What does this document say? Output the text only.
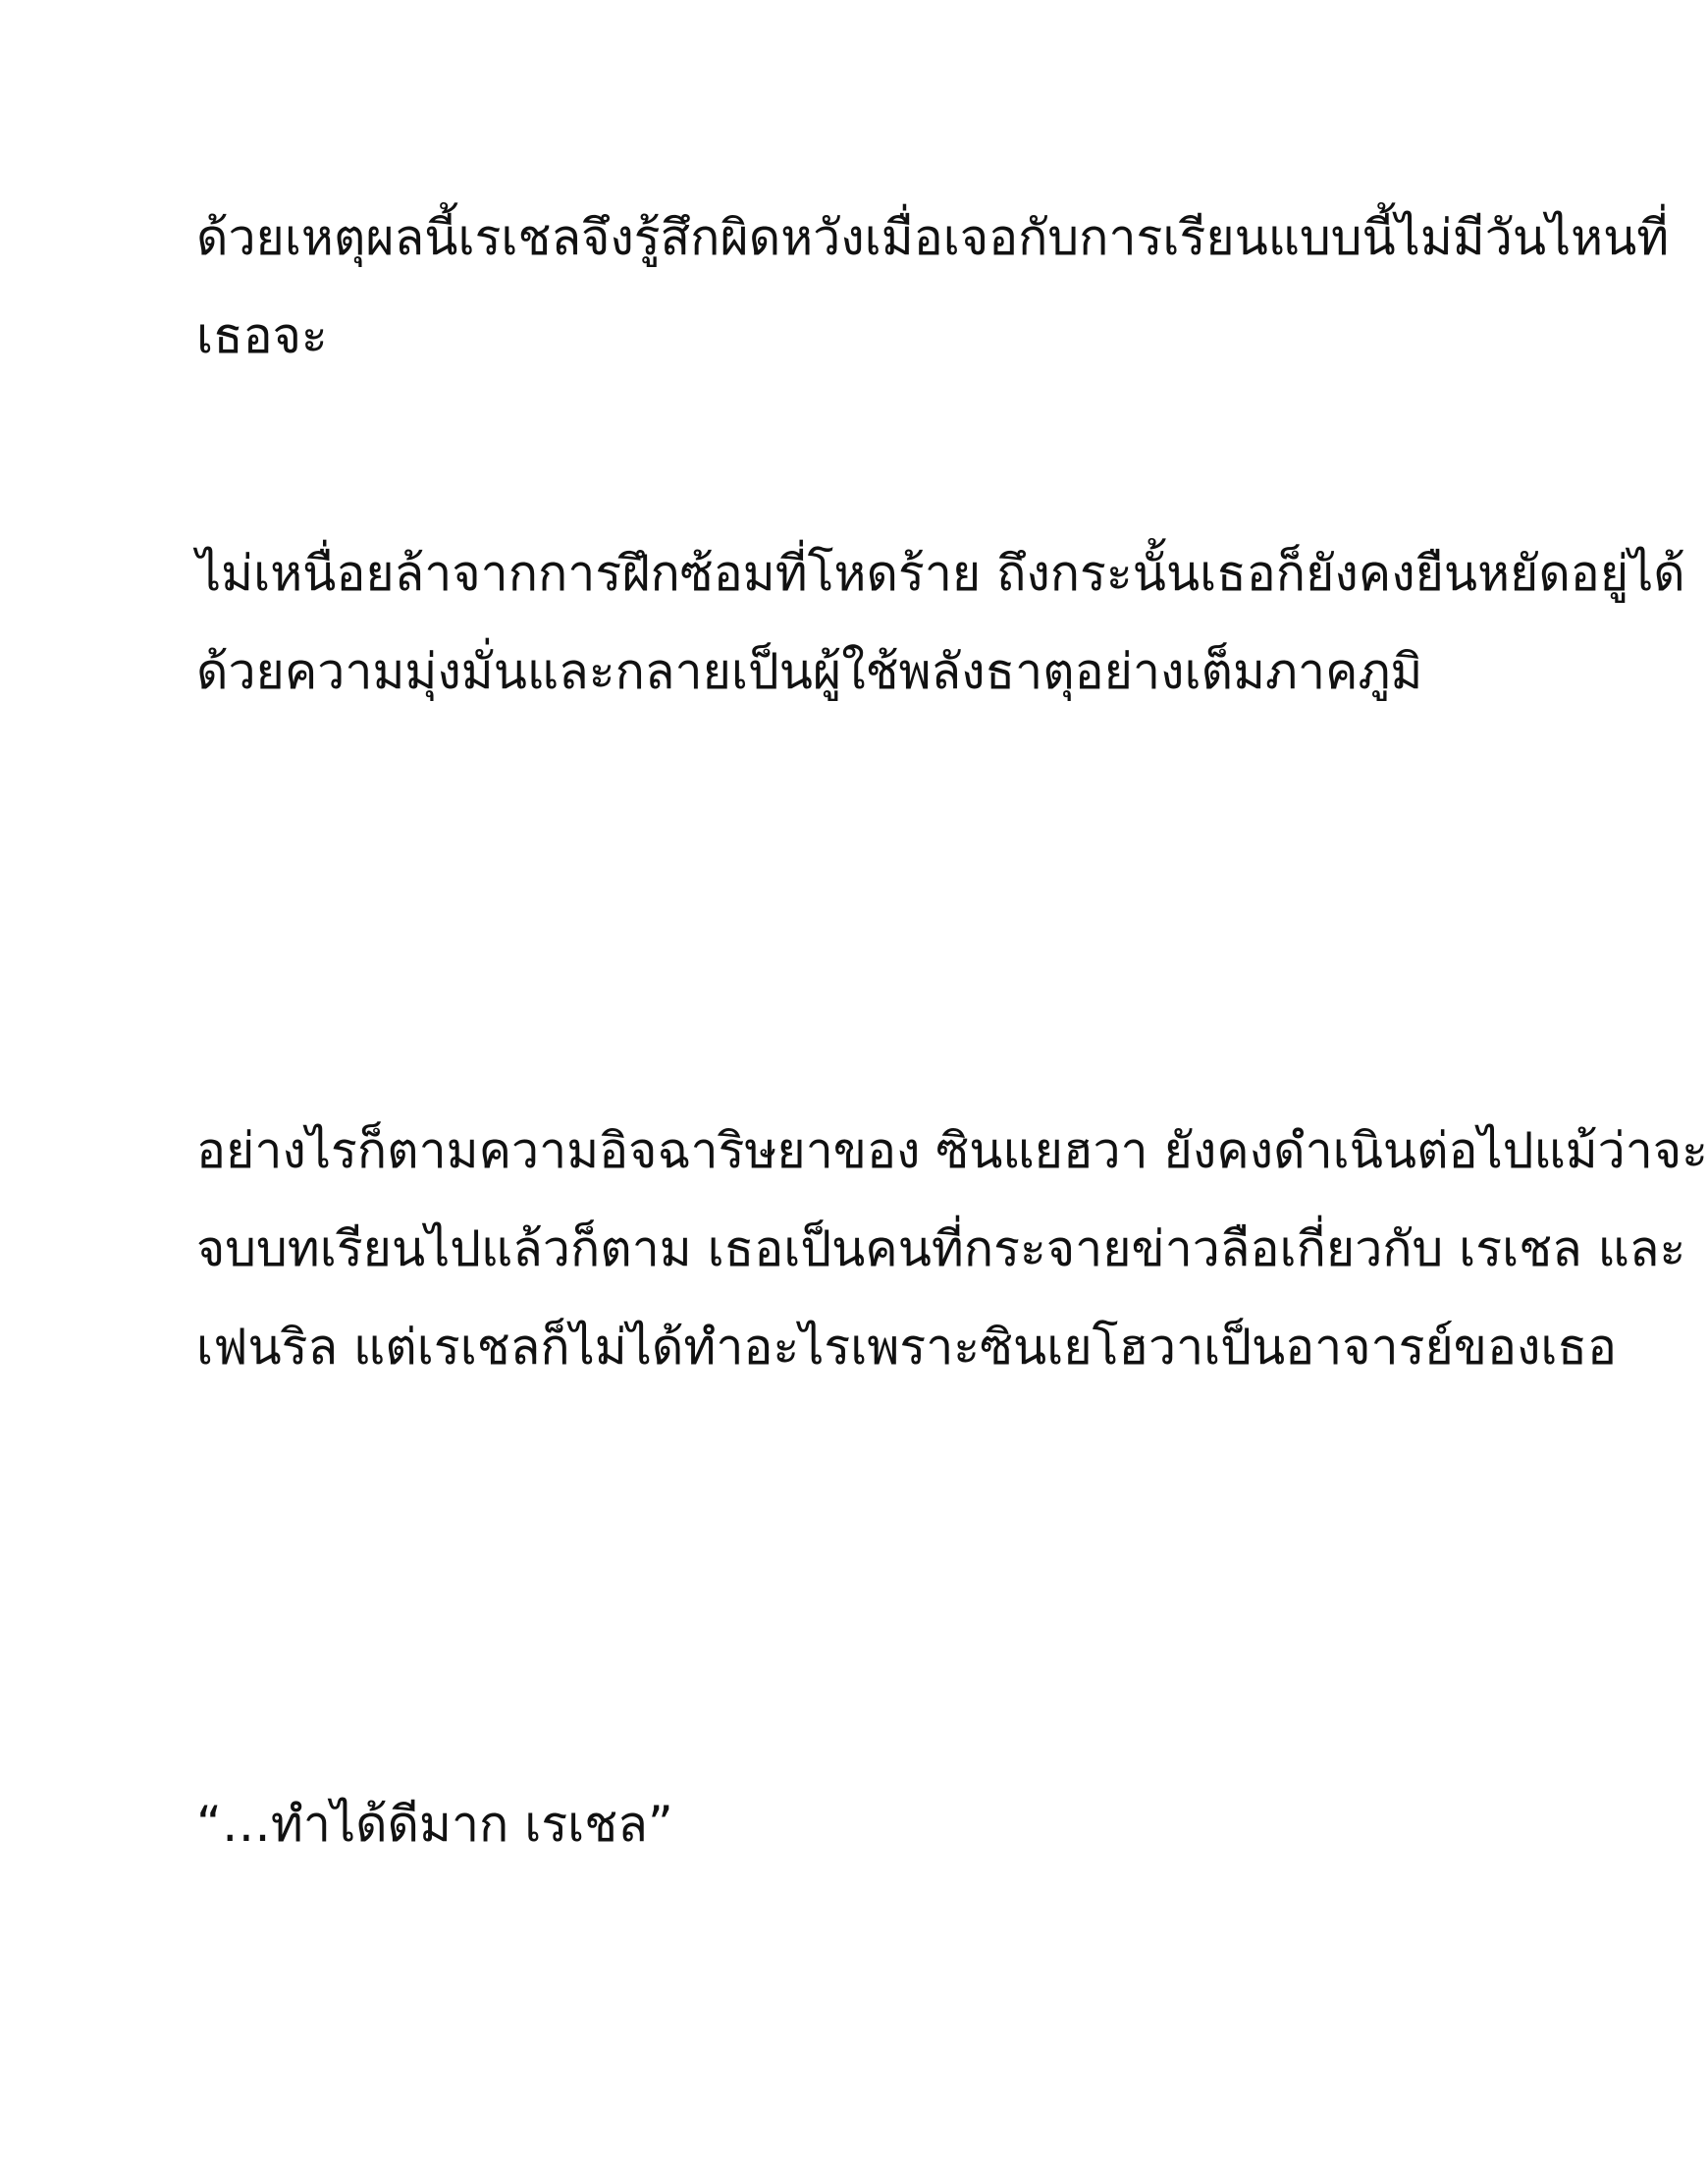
ด้วยเหตุผลนี้เรเชลจึงรู้สึกผิดหวังเมื่อเจอกับการเรียนแบบนี้ไม่มีวันไหนที่
เธอจะ
ไม่เหนื่อยล้าจากการฝึกซ้อมที่โหดร้าย ถึงกระนั้นเธอก็ยังคงยืนหยัดอยู่ได้
ด้วยความมุ่งมั่นและกลายเป็นผู้ใช้พลังธาตุอย่างเต็มภาคภูมิ
อย่างไรก็ตามความอิจฉาริษยาของ ซินแยฮวา ยังคงดำเนินต่อไปแม้ว่าจะ
จบบทเรียนไปแล้วก็ตาม เธอเป็นคนที่กระจายข่าวลือเกี่ยวกับ เรเชล และ
เฟนริล แต่เรเชลก็ไม่ได้ทำอะไรเพราะซินเยโฮวาเป็นอาจารย์ของเธอ
“…ทำได้ดีมาก เรเชล”
